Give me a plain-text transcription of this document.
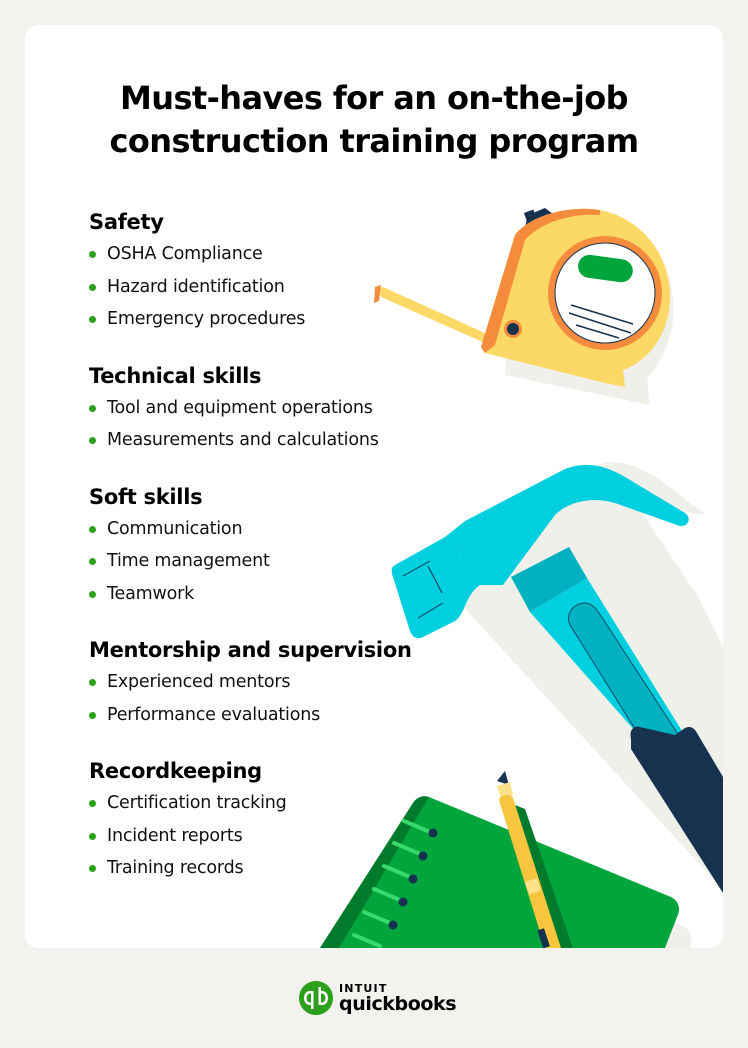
Must-haves for an on-the-job
construction training program
Safety
OSHA Compliance
Hazard identification
Emergency procedures
Technical skills
Tool and equipment operations
Measurements and calculations
Soft skills
Communication
Time management
Teamwork
Mentorship and supervision
Experienced mentors
Performance evaluations
Recordkeeping
Certification tracking
Incident reports
Training records
INTUIT
quickbooks
